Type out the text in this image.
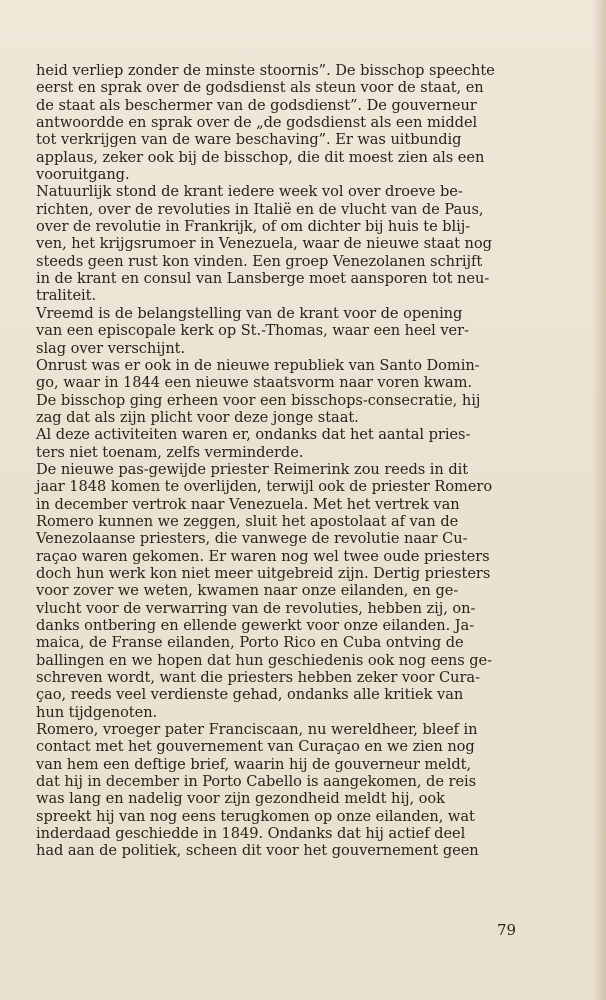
heid verliep zonder de minste stoornis”. De bisschop speechte
eerst en sprak over de godsdienst als steun voor de staat, en
de staat als beschermer van de godsdienst”. De gouverneur
antwoordde en sprak over de „de godsdienst als een middel
tot verkrijgen van de ware beschaving”. Er was uitbundig
applaus, zeker ook bij de bisschop, die dit moest zien als een
vooruitgang.
Natuurlijk stond de krant iedere week vol over droeve be-
richten, over de revoluties in Italië en de vlucht van de Paus,
over de revolutie in Frankrijk, of om dichter bij huis te blij-
ven, het krijgsrumoer in Venezuela, waar de nieuwe staat nog
steeds geen rust kon vinden. Een groep Venezolanen schrijft
in de krant en consul van Lansberge moet aansporen tot neu-
traliteit.
Vreemd is de belangstelling van de krant voor de opening
van een episcopale kerk op St.-Thomas, waar een heel ver-
slag over verschijnt.
Onrust was er ook in de nieuwe republiek van Santo Domin-
go, waar in 1844 een nieuwe staatsvorm naar voren kwam.
De bisschop ging erheen voor een bisschops-consecratie, hij
zag dat als zijn plicht voor deze jonge staat.
Al deze activiteiten waren er, ondanks dat het aantal pries-
ters niet toenam, zelfs verminderde.
De nieuwe pas-gewijde priester Reimerink zou reeds in dit
jaar 1848 komen te overlijden, terwijl ook de priester Romero
in december vertrok naar Venezuela. Met het vertrek van
Romero kunnen we zeggen, sluit het apostolaat af van de
Venezolaanse priesters, die vanwege de revolutie naar Cu-
raçao waren gekomen. Er waren nog wel twee oude priesters
doch hun werk kon niet meer uitgebreid zijn. Dertig priesters
voor zover we weten, kwamen naar onze eilanden, en ge-
vlucht voor de verwarring van de revoluties, hebben zij, on-
danks ontbering en ellende gewerkt voor onze eilanden. Ja-
maica, de Franse eilanden, Porto Rico en Cuba ontving de
ballingen en we hopen dat hun geschiedenis ook nog eens ge-
schreven wordt, want die priesters hebben zeker voor Cura-
çao, reeds veel verdienste gehad, ondanks alle kritiek van
hun tijdgenoten.
Romero, vroeger pater Franciscaan, nu wereldheer, bleef in
contact met het gouvernement van Curaçao en we zien nog
van hem een deftige brief, waarin hij de gouverneur meldt,
dat hij in december in Porto Cabello is aangekomen, de reis
was lang en nadelig voor zijn gezondheid meldt hij, ook
spreekt hij van nog eens terugkomen op onze eilanden, wat
inderdaad geschiedde in 1849. Ondanks dat hij actief deel
had aan de politiek, scheen dit voor het gouvernement geen
79
